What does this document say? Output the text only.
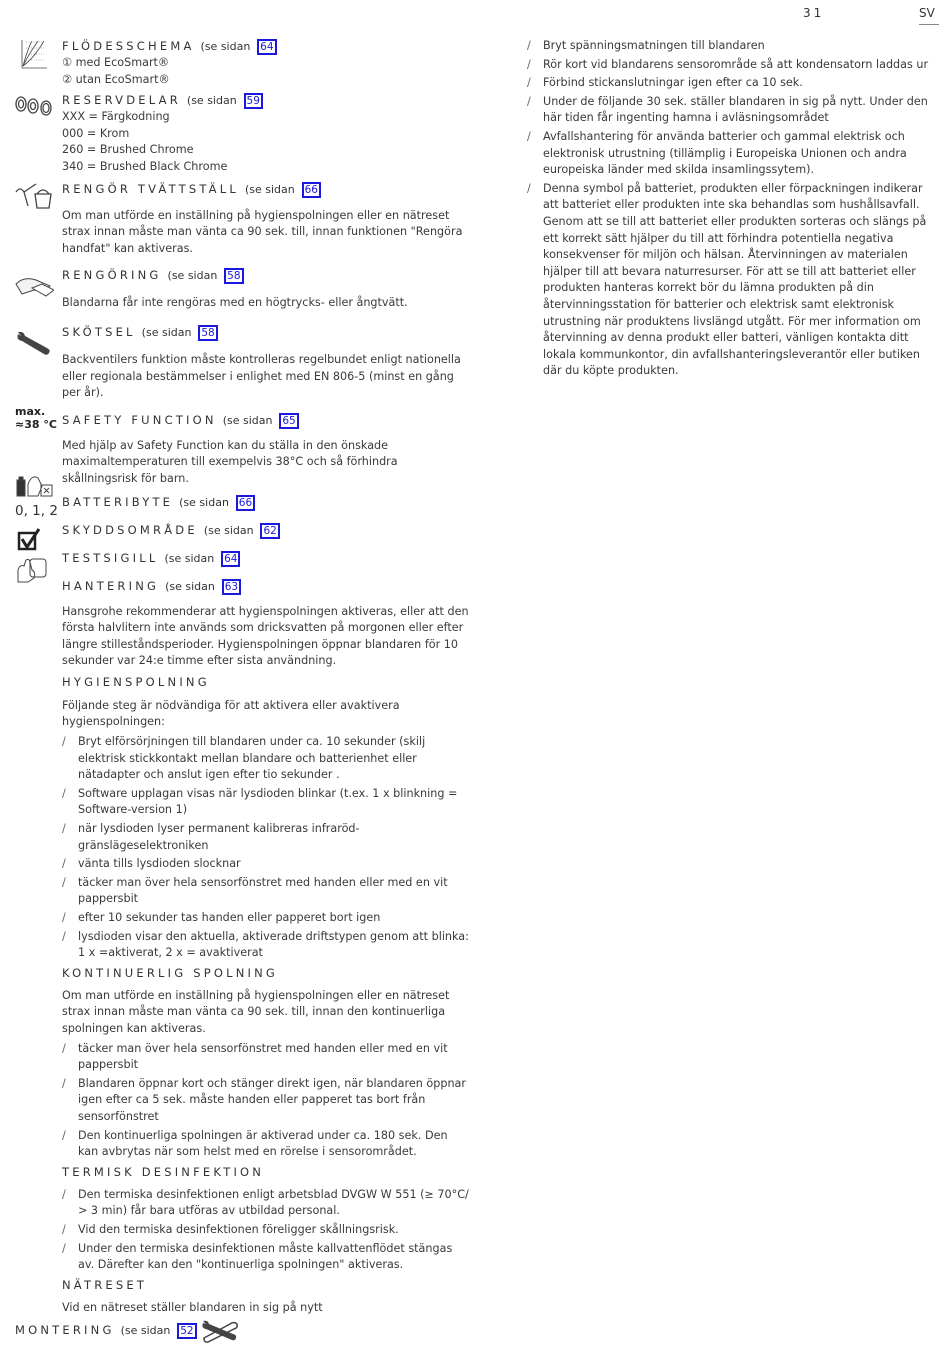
31	SV
max.
≈38 °C
0, 1, 2
FLÖDESSCHEMA (se sidan 64

① med EcoSmart®

② utan EcoSmart®

RESERVDELAR (se sidan 59

XXX = Färgkodning

000 = Krom

260 = Brushed Chrome

340 = Brushed Black Chrome

RENGÖR TVÄTTSTÄLL (se sidan 66

Om man utförde en inställning på hygienspolningen eller en nätreset strax innan måste man vänta ca 90 sek. till, innan funktionen "Rengöra handfat" kan aktiveras.

RENGÖRING (se sidan 58

Blandarna får inte rengöras med en högtrycks- eller ångtvätt.

SKÖTSEL (se sidan 58

Backventilers funktion måste kontrolleras regelbundet enligt nationella eller regionala bestämmelser i enlighet med EN 806-5 (minst en gång per år).

SAFETY FUNCTION (se sidan 65

Med hjälp av Safety Function kan du ställa in den önskade maximaltemperaturen till exempelvis 38°C och så förhindra skållningsrisk för barn.

BATTERIBYTE (se sidan 66
SKYDDSOMRÅDE (se sidan 62
TESTSIGILL (se sidan 64
HANTERING (se sidan 63

Hansgrohe rekommenderar att hygienspolningen aktiveras, eller att den första halvlitern inte används som dricksvatten på morgonen eller efter längre stilleståndsperioder. Hygienspolningen öppnar blandaren för 10 sekunder var 24:e timme efter sista användning.

HYGIENSPOLNING

Följande steg är nödvändiga för att aktivera eller avaktivera hygienspolningen:

/ Bryt elförsörjningen till blandaren under ca. 10 sekunder (skilj elektrisk stickkontakt mellan blandare och batterienhet eller nätadapter och anslut igen efter tio sekunder .
/ Software upplagan visas när lysdioden blinkar (t.ex. 1 x blinkning = Software-version 1)
/ när lysdioden lyser permanent kalibreras infraröd-gränslägeselektroniken
/ vänta tills lysdioden slocknar
/ täcker man över hela sensorfönstret med handen eller med en vit pappersbit
/ efter 10 sekunder tas handen eller papperet bort igen
/ lysdioden visar den aktuella, aktiverade driftstypen genom att blinka: 1 x =aktiverat, 2 x = avaktiverat
KONTINUERLIG SPOLNING

Om man utförde en inställning på hygienspolningen eller en nätreset strax innan måste man vänta ca 90 sek. till, innan den kontinuerliga spolningen kan aktiveras.

/ täcker man över hela sensorfönstret med handen eller med en vit pappersbit
/ Blandaren öppnar kort och stänger direkt igen, när blandaren öppnar igen efter ca 5 sek. måste handen eller papperet tas bort från sensorfönstret
/ Den kontinuerliga spolningen är aktiverad under ca. 180 sek. Den kan avbrytas när som helst med en rörelse i sensorområdet.
TERMISK DESINFEKTION
/ Den termiska desinfektionen enligt arbetsblad DVGW W 551 (≥ 70°C/ > 3 min) får bara utföras av utbildad personal.
/ Vid den termiska desinfektionen föreligger skållningsrisk.
/ Under den termiska desinfektionen måste kallvattenflödet stängas av. Därefter kan den "kontinuerliga spolningen" aktiveras.
NÄTRESET

Vid en nätreset ställer blandaren in sig på nytt

/ Bryt spänningsmatningen till blandaren
/ Rör kort vid blandarens sensorområde så att kondensatorn laddas ur
/ Förbind stickanslutningar igen efter ca 10 sek.
/ Under de följande 30 sek. ställer blandaren in sig på nytt. Under den här tiden får ingenting hamna i avläsningsområdet
/ Avfallshantering för använda batterier och gammal elektrisk och elektronisk utrustning (tillämplig i Europeiska Unionen och andra europeiska länder med skilda insamlingssytem).
/ Denna symbol på batteriet, produkten eller förpackningen indikerar att batteriet eller produkten inte ska behandlas som hushållsavfall. Genom att se till att batteriet eller produkten sorteras och slängs på ett korrekt sätt hjälper du till att förhindra potentiella negativa konsekvenser för miljön och hälsan. Återvinningen av materialen hjälper till att bevara naturresurser. För att se till att batteriet eller produkten hanteras korrekt bör du lämna produkten på din återvinningsstation för batterier och elektrisk samt elektronisk utrustning när produktens livslängd utgått. För mer information om återvinning av denna produkt eller batteri, vänligen kontakta ditt lokala kommunkontor, din avfallshanteringsleverantör eller butiken där du köpte produkten.
MONTERING (se sidan 52
